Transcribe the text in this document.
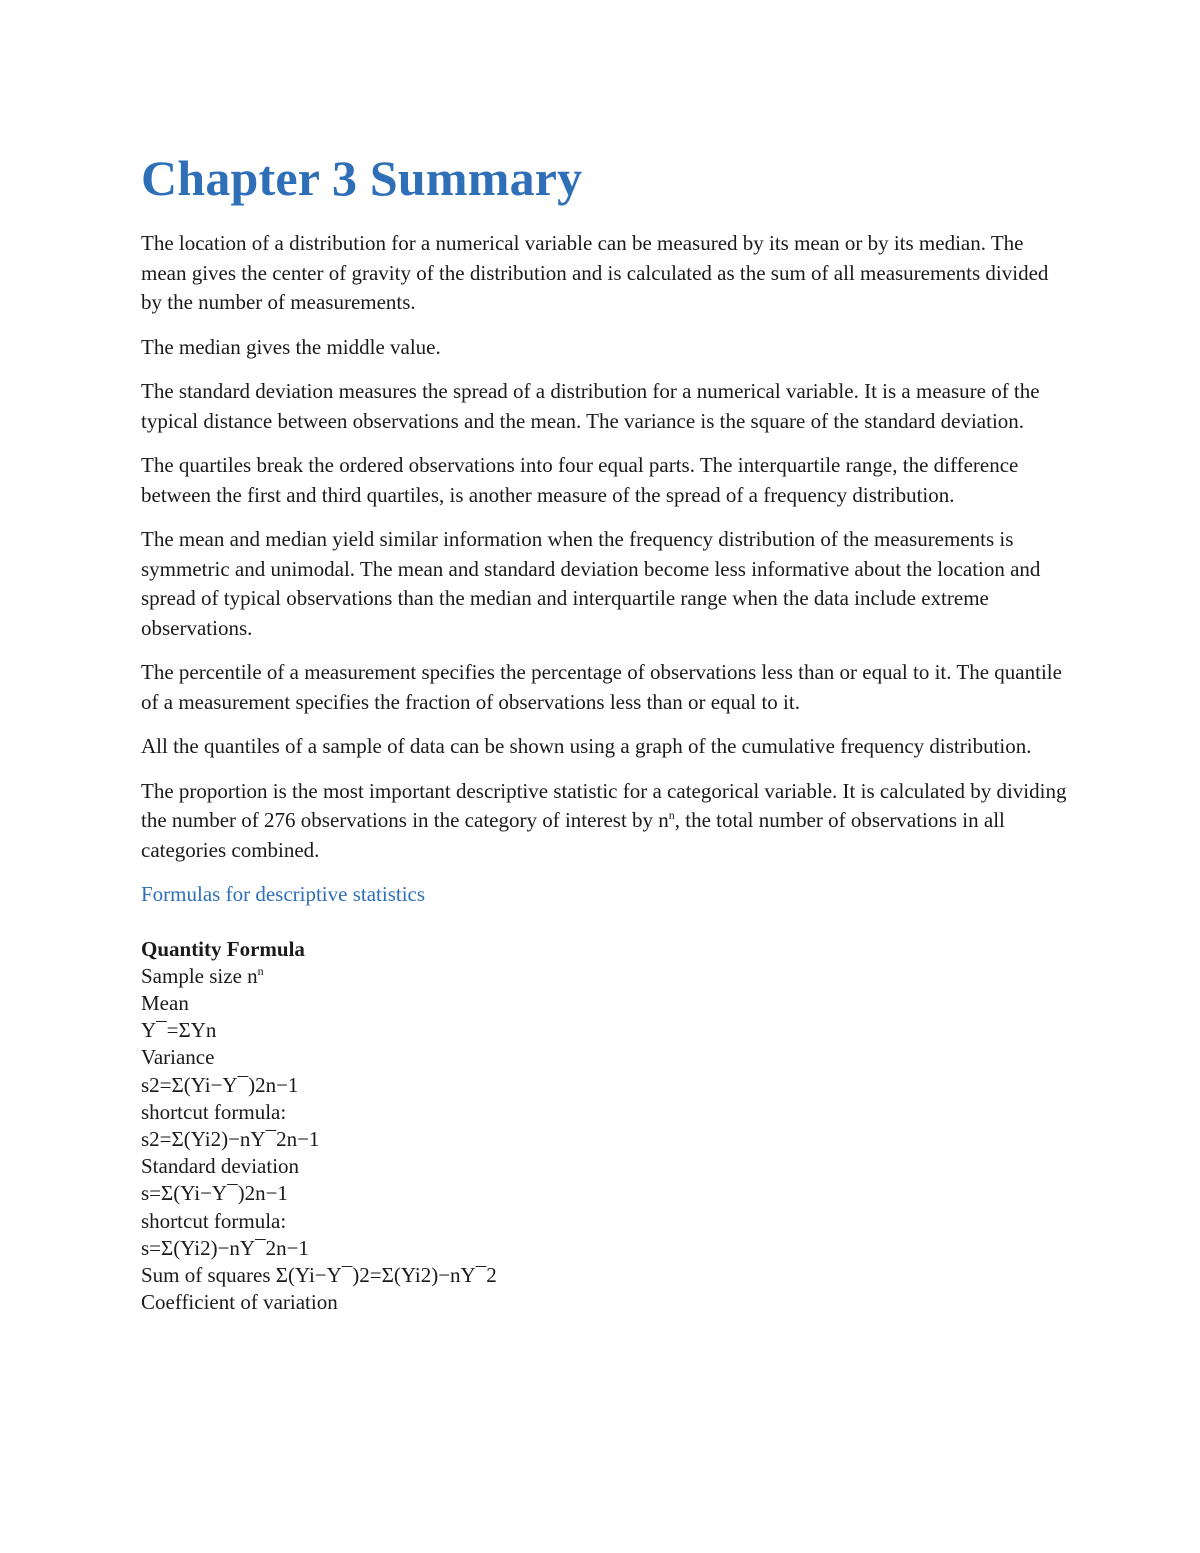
Chapter 3 Summary

The location of a distribution for a numerical variable can be measured by its mean or by its median. The mean gives the center of gravity of the distribution and is calculated as the sum of all measurements divided by the number of measurements.

The median gives the middle value.

The standard deviation measures the spread of a distribution for a numerical variable. It is a measure of the typical distance between observations and the mean. The variance is the square of the standard deviation.

The quartiles break the ordered observations into four equal parts. The interquartile range, the difference between the first and third quartiles, is another measure of the spread of a frequency distribution.

The mean and median yield similar information when the frequency distribution of the measurements is symmetric and unimodal. The mean and standard deviation become less informative about the location and spread of typical observations than the median and interquartile range when the data include extreme observations.

The percentile of a measurement specifies the percentage of observations less than or equal to it. The quantile of a measurement specifies the fraction of observations less than or equal to it.

All the quantiles of a sample of data can be shown using a graph of the cumulative frequency distribution.

The proportion is the most important descriptive statistic for a categorical variable. It is calculated by dividing the number of 276 observations in the category of interest by $n^n$, the total number of observations in all categories combined.

Formulas for descriptive statistics

Quantity Formula
Sample size $n^n$
Mean
Y¯=ΣYn
Variance
s2=Σ(Yi−Y¯)2n−1
shortcut formula:
s2=Σ(Yi2)−nY¯2n−1
Standard deviation
s=Σ(Yi−Y¯)2n−1
shortcut formula:
s=Σ(Yi2)−nY¯2n−1
Sum of squares Σ(Yi−Y¯)2=Σ(Yi2)−nY¯2
Coefficient of variation
